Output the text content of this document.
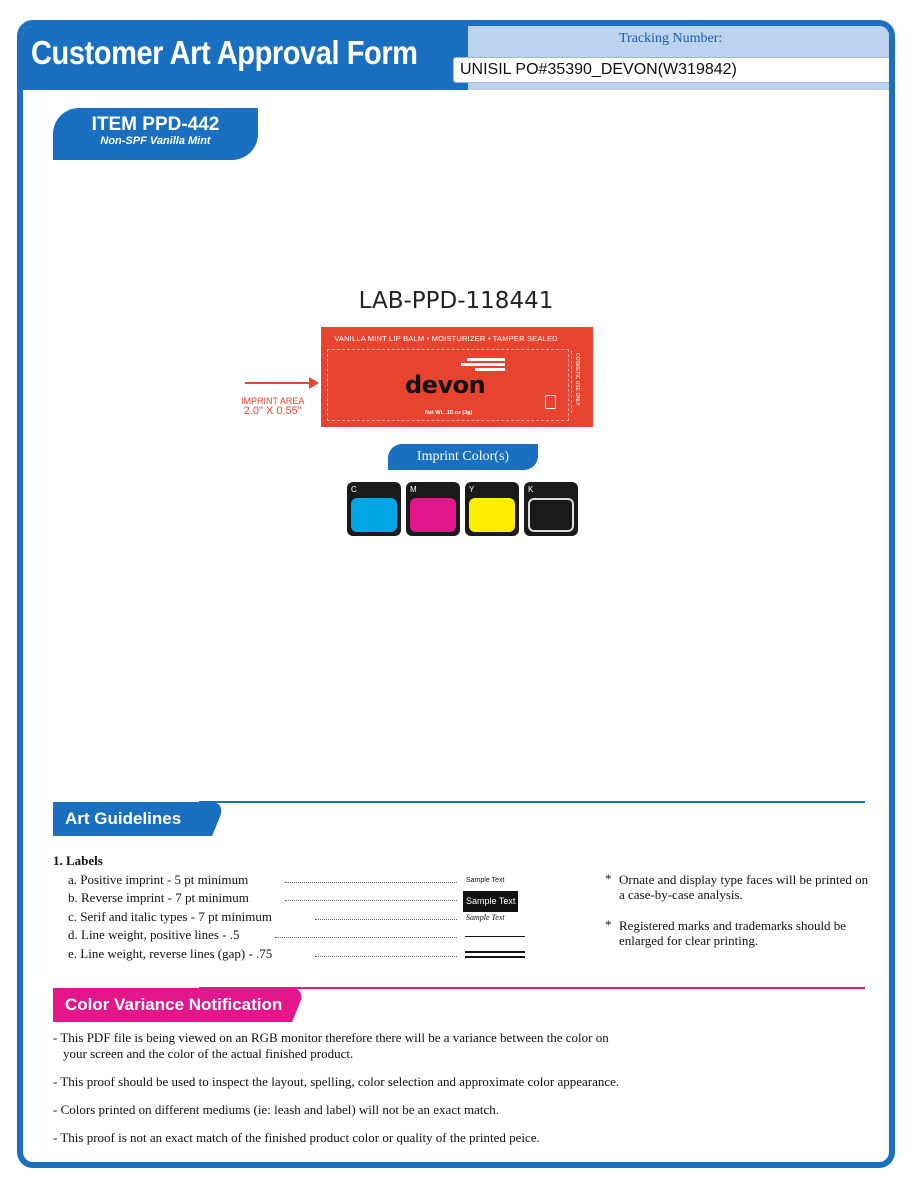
Customer Art Approval Form	Tracking Number:
UNISIL PO#35390_DEVON(W319842)
ITEM PPD-442
Non-SPF Vanilla Mint
LAB-PPD-118441
VANILLA MINT LIP BALM • MOISTURIZER • TAMPER SEALED
devon
Net Wt. .15 oz (3g)
COSMETIC USE ONLY
IMPRINT AREA
2.0" X 0.55"
Imprint Color(s)
C	M	Y	K
Art Guidelines
1. Labels
a. Positive imprint - 5 pt minimum	Sample Text
b. Reverse imprint - 7 pt minimum	Sample Text
c. Serif and italic types - 7 pt minimum	Sample Text
d. Line weight, positive lines - .5
e. Line weight, reverse lines (gap) - .75
* Ornate and display type faces will be printed on a case-by-case analysis.
* Registered marks and trademarks should be enlarged for clear printing.
Color Variance Notification

- This PDF file is being viewed on an RGB monitor therefore there will be a variance between the color on
your screen and the color of the actual finished product.

- This proof should be used to inspect the layout, spelling, color selection and approximate color appearance.

- Colors printed on different mediums (ie: leash and label) will not be an exact match.

- This proof is not an exact match of the finished product color or quality of the printed peice.
